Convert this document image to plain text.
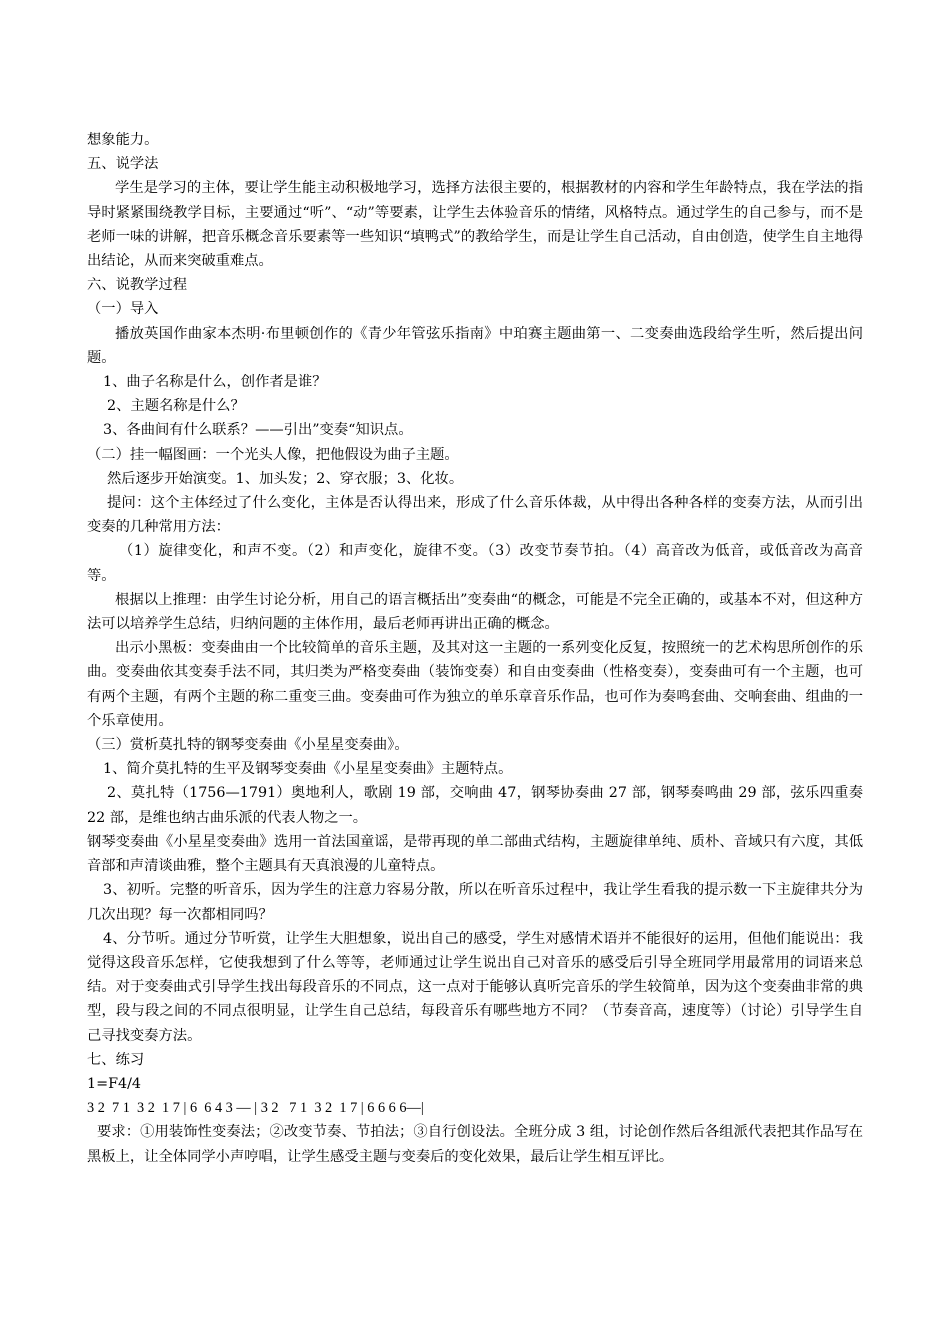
想象能力。

五、说学法

学生是学习的主体，要让学生能主动积极地学习，选择方法很主要的，根据教材的内容和学生年龄特点，我在学法的指导时紧紧围绕教学目标，主要通过“听”、“动”等要素，让学生去体验音乐的情绪，风格特点。通过学生的自己参与，而不是老师一味的讲解，把音乐概念音乐要素等一些知识“填鸭式”的教给学生，而是让学生自己活动，自由创造，使学生自主地得出结论，从而来突破重难点。

六、说教学过程

（一）导入

播放英国作曲家本杰明·布里顿创作的《青少年管弦乐指南》中珀赛主题曲第一、二变奏曲选段给学生听，然后提出问题。

1、曲子名称是什么，创作者是谁？

2、主题名称是什么？

3、各曲间有什么联系？——引出”变奏“知识点。

（二）挂一幅图画：一个光头人像，把他假设为曲子主题。

然后逐步开始演变。1、加头发；2、穿衣服；3、化妆。

提问：这个主体经过了什么变化，主体是否认得出来，形成了什么音乐体裁，从中得出各种各样的变奏方法，从而引出变奏的几种常用方法：

（1）旋律变化，和声不变。（2）和声变化，旋律不变。（3）改变节奏节拍。（4）高音改为低音，或低音改为高音等。

根据以上推理：由学生讨论分析，用自己的语言概括出”变奏曲“的概念，可能是不完全正确的，或基本不对，但这种方法可以培养学生总结，归纳问题的主体作用，最后老师再讲出正确的概念。

出示小黑板：变奏曲由一个比较简单的音乐主题，及其对这一主题的一系列变化反复，按照统一的艺术构思所创作的乐曲。变奏曲依其变奏手法不同，其归类为严格变奏曲（装饰变奏）和自由变奏曲（性格变奏），变奏曲可有一个主题，也可有两个主题，有两个主题的称二重变三曲。变奏曲可作为独立的单乐章音乐作品，也可作为奏鸣套曲、交响套曲、组曲的一个乐章使用。

（三）赏析莫扎特的钢琴变奏曲《小星星变奏曲》。

1、简介莫扎特的生平及钢琴变奏曲《小星星变奏曲》主题特点。

2、莫扎特（1756—1791）奥地利人，歌剧 19 部，交响曲 47，钢琴协奏曲 27 部，钢琴奏鸣曲 29 部，弦乐四重奏 22 部，是维也纳古曲乐派的代表人物之一。

钢琴变奏曲《小星星变奏曲》选用一首法国童谣，是带再现的单二部曲式结构，主题旋律单纯、质朴、音域只有六度，其低音部和声清谈曲雅，整个主题具有天真浪漫的儿童特点。

3、初听。完整的听音乐，因为学生的注意力容易分散，所以在听音乐过程中，我让学生看我的提示数一下主旋律共分为几次出现？每一次都相同吗？

4、分节听。通过分节听赏，让学生大胆想象，说出自己的感受，学生对感情术语并不能很好的运用，但他们能说出：我觉得这段音乐怎样，它使我想到了什么等等，老师通过让学生说出自己对音乐的感受后引导全班同学用最常用的词语来总结。对于变奏曲式引导学生找出每段音乐的不同点，这一点对于能够认真听完音乐的学生较简单，因为这个变奏曲非常的典型，段与段之间的不同点很明显，让学生自己总结，每段音乐有哪些地方不同？（节奏音高，速度等）（讨论）引导学生自己寻找变奏方法。

七、练习

1=F4/4

3 2  7 1  3 2  1 7 | 6  6 4 3 — | 3 2   7 1  3 2  1 7 | 6 6 6 6—|

要求：①用装饰性变奏法；②改变节奏、节拍法；③自行创设法。全班分成 3 组，讨论创作然后各组派代表把其作品写在黑板上，让全体同学小声哼唱，让学生感受主题与变奏后的变化效果，最后让学生相互评比。
